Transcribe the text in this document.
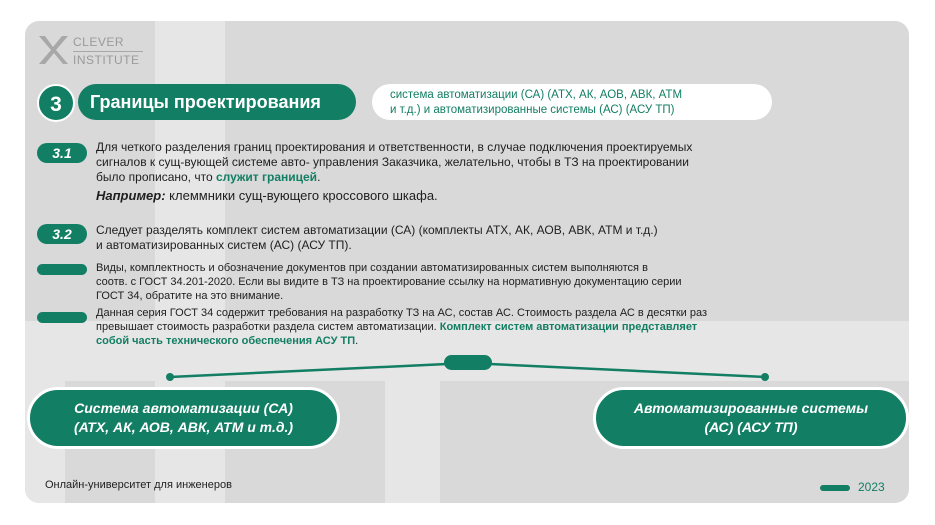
CLEVER
INSTITUTE
Границы проектирования
3	система автоматизации (СА) (АТХ, АК, АОВ, АВК, АТМ
и т.д.) и автоматизированные системы (АС) (АСУ ТП)
3.1	Для четкого разделения границ проектирования и ответственности, в случае подключения проектируемых
сигналов к сущ-вующей системе авто- управления Заказчика, желательно, чтобы в ТЗ на проектировании
было прописано, что служит границей.
Например: клеммники сущ-вующего кроссового шкафа.
3.2	Следует разделять комплект систем автоматизации (СА) (комплекты АТХ, АК, АОВ, АВК, АТМ и т.д.)
и автоматизированных систем (АС) (АСУ ТП).
Виды, комплектность и обозначение документов при создании автоматизированных систем выполняются в
соотв. с ГОСТ 34.201-2020. Если вы видите в ТЗ на проектирование ссылку на нормативную документацию серии
ГОСТ 34, обратите на это внимание.
Данная серия ГОСТ 34 содержит требования на разработку ТЗ на АС, состав АС. Стоимость раздела АС в десятки раз
превышает стоимость разработки раздела систем автоматизации. Комплект систем автоматизации представляет
собой часть технического обеспечения АСУ ТП.
Система автоматизации (СА)
(АТХ, АК, АОВ, АВК, АТМ и т.д.)
Автоматизированные системы
(АС) (АСУ ТП)
Онлайн-университет для инженеров	2023
